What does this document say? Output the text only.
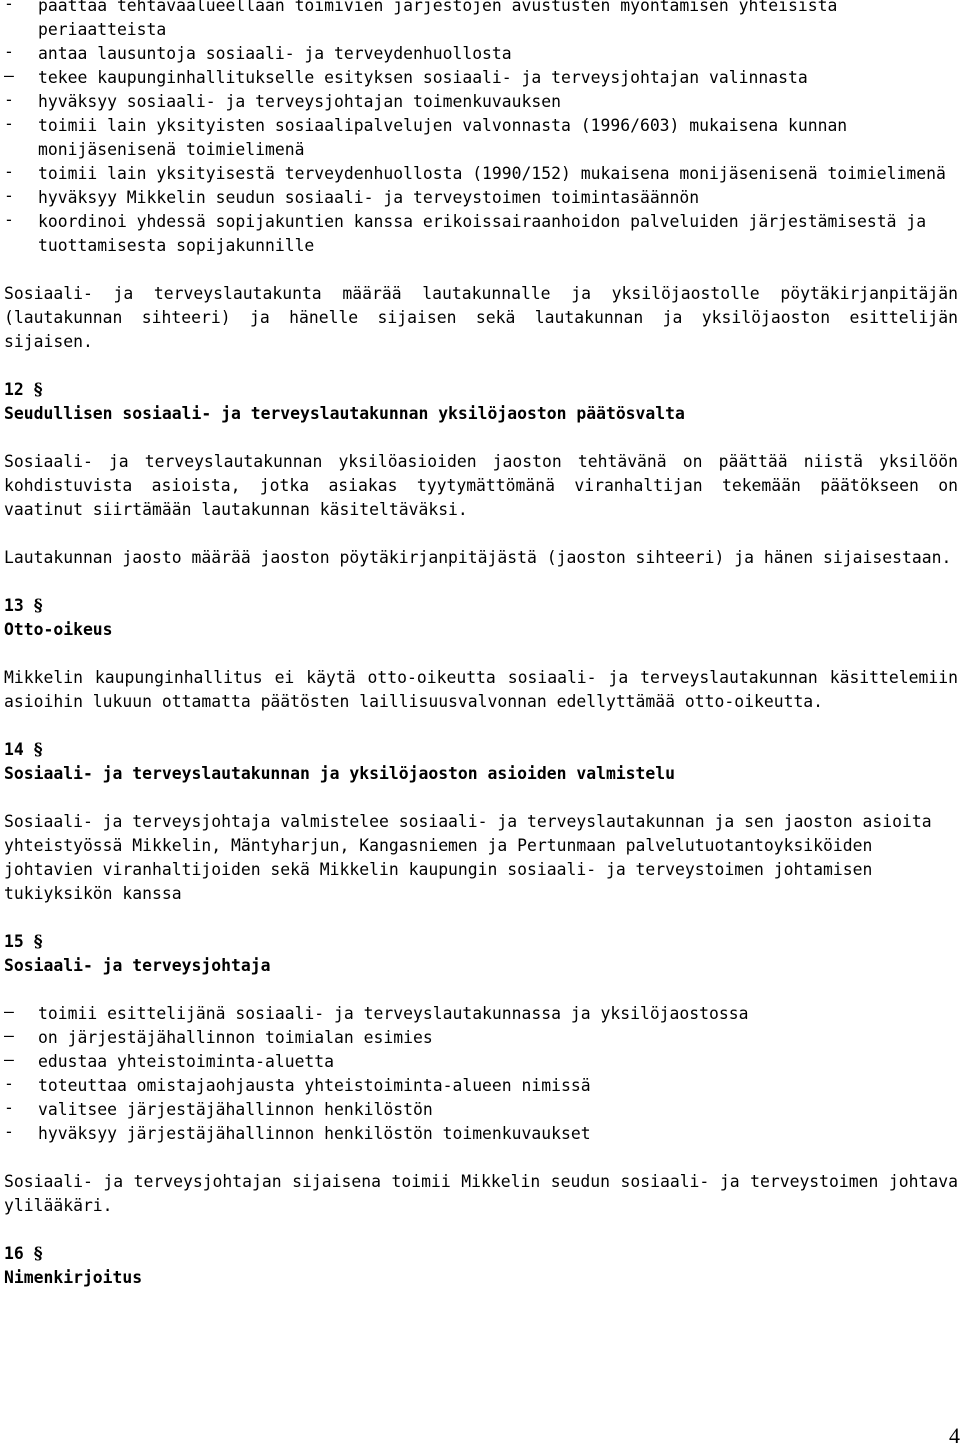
- päättää tehtäväalueellaan toimivien järjestöjen avustusten myöntämisen yhteisistä periaatteista
- antaa lausuntoja sosiaali- ja terveydenhuollosta
– tekee kaupunginhallitukselle esityksen sosiaali- ja terveysjohtajan valinnasta
- hyväksyy sosiaali- ja terveysjohtajan toimenkuvauksen
- toimii lain yksityisten sosiaalipalvelujen valvonnasta (1996/603) mukaisena kunnan monijäsenisenä toimielimenä
- toimii lain yksityisestä terveydenhuollosta (1990/152) mukaisena monijäsenisenä toimielimenä
- hyväksyy Mikkelin seudun sosiaali- ja terveystoimen toimintasäännön
- koordinoi yhdessä sopijakuntien kanssa erikoissairaanhoidon palveluiden järjestämisestä ja tuottamisesta sopijakunnille
Sosiaali- ja terveyslautakunta määrää lautakunnalle ja yksilöjaostolle pöytäkirjanpitäjän (lautakunnan sihteeri) ja hänelle sijaisen sekä lautakunnan ja yksilöjaoston esittelijän sijaisen.
12 §
Seudullisen sosiaali- ja terveyslautakunnan yksilöjaoston päätösvalta
Sosiaali- ja terveyslautakunnan yksilöasioiden jaoston tehtävänä on päättää niistä yksilöön kohdistuvista asioista, jotka asiakas tyytymättömänä viranhaltijan tekemään päätökseen on vaatinut siirtämään lautakunnan käsiteltäväksi.
Lautakunnan jaosto määrää jaoston pöytäkirjanpitäjästä (jaoston sihteeri) ja hänen sijaisestaan.
13 §
Otto-oikeus
Mikkelin kaupunginhallitus ei käytä otto-oikeutta sosiaali- ja terveyslautakunnan käsittelemiin asioihin lukuun ottamatta päätösten laillisuusvalvonnan edellyttämää otto-oikeutta.
14 §
Sosiaali- ja terveyslautakunnan ja yksilöjaoston asioiden valmistelu
Sosiaali- ja terveysjohtaja valmistelee sosiaali- ja terveyslautakunnan ja sen jaoston asioita yhteistyössä Mikkelin, Mäntyharjun, Kangasniemen ja Pertunmaan palvelutuotantoyksiköiden johtavien viranhaltijoiden sekä Mikkelin kaupungin sosiaali- ja terveystoimen johtamisen tukiyksikön kanssa
15 §
Sosiaali- ja terveysjohtaja
– toimii esittelijänä sosiaali- ja terveyslautakunnassa ja yksilöjaostossa
– on järjestäjähallinnon toimialan esimies
– edustaa yhteistoiminta-aluetta
- toteuttaa omistajaohjausta yhteistoiminta-alueen nimissä
- valitsee järjestäjähallinnon henkilöstön
- hyväksyy järjestäjähallinnon henkilöstön toimenkuvaukset
Sosiaali- ja terveysjohtajan sijaisena toimii Mikkelin seudun sosiaali- ja terveystoimen johtava ylilääkäri.
16 §
Nimenkirjoitus
4
